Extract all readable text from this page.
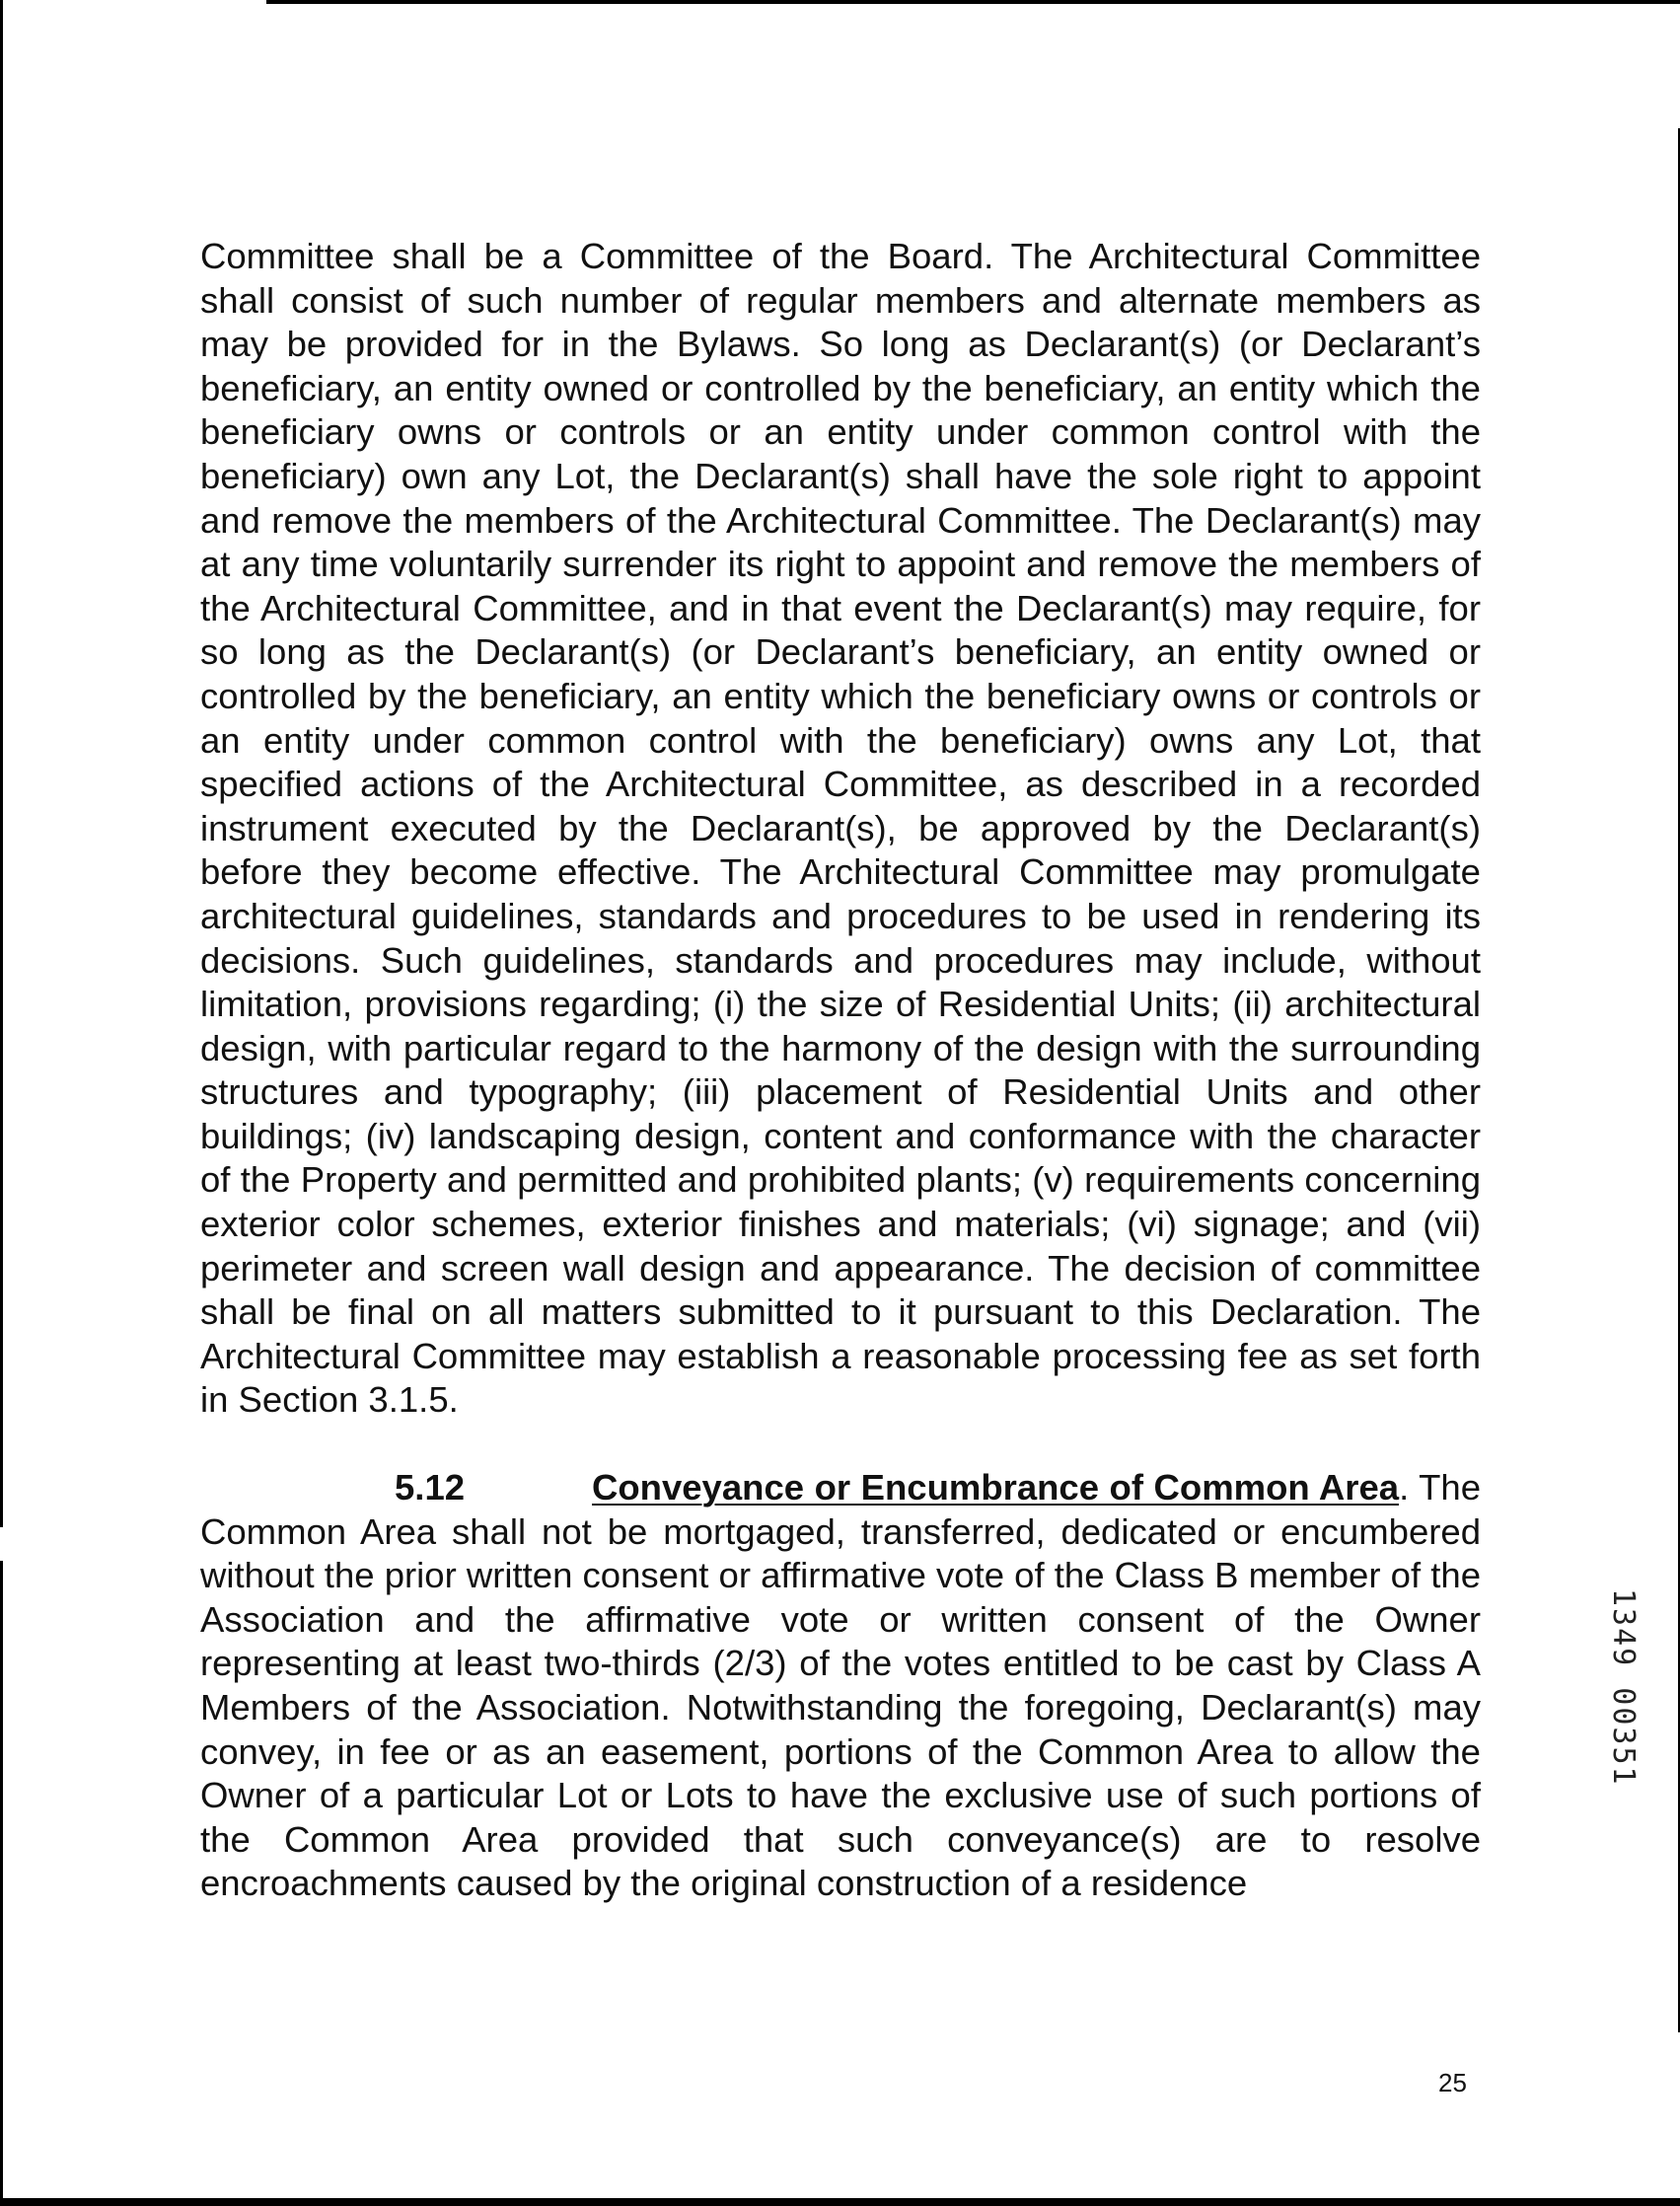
Committee shall be a Committee of the Board. The Architectural Committee shall consist of such number of regular members and alternate members as may be provided for in the Bylaws. So long as Declarant(s) (or Declarant’s beneficiary, an entity owned or controlled by the beneficiary, an entity which the beneficiary owns or controls or an entity under common control with the beneficiary) own any Lot, the Declarant(s) shall have the sole right to appoint and remove the members of the Architectural Committee. The Declarant(s) may at any time voluntarily surrender its right to appoint and remove the members of the Architectural Committee, and in that event the Declarant(s) may require, for so long as the Declarant(s) (or Declarant’s beneficiary, an entity owned or controlled by the beneficiary, an entity which the beneficiary owns or controls or an entity under common control with the beneficiary) owns any Lot, that specified actions of the Architectural Committee, as described in a recorded instrument executed by the Declarant(s), be approved by the Declarant(s) before they become effective. The Architectural Committee may promulgate architectural guidelines, standards and procedures to be used in rendering its decisions. Such guidelines, standards and procedures may include, without limitation, provisions regarding; (i) the size of Residential Units; (ii) architectural design, with particular regard to the harmony of the design with the surrounding structures and typography; (iii) placement of Residential Units and other buildings; (iv) landscaping design, content and conformance with the character of the Property and permitted and prohibited plants; (v) requirements concerning exterior color schemes, exterior finishes and materials; (vi) signage; and (vii) perimeter and screen wall design and appearance. The decision of committee shall be final on all matters submitted to it pursuant to this Declaration. The Architectural Committee may establish a reasonable processing fee as set forth in Section 3.1.5.

5.12	Conveyance or Encumbrance of Common Area. The Common Area shall not be mortgaged, transferred, dedicated or encumbered without the prior written consent or affirmative vote of the Class B member of the Association and the affirmative vote or written consent of the Owner representing at least two-thirds (2/3) of the votes entitled to be cast by Class A Members of the Association. Notwithstanding the foregoing, Declarant(s) may convey, in fee or as an easement, portions of the Common Area to allow the Owner of a particular Lot or Lots to have the exclusive use of such portions of the Common Area provided that such conveyance(s) are to resolve encroachments caused by the original construction of a residence

1349 00351
25
